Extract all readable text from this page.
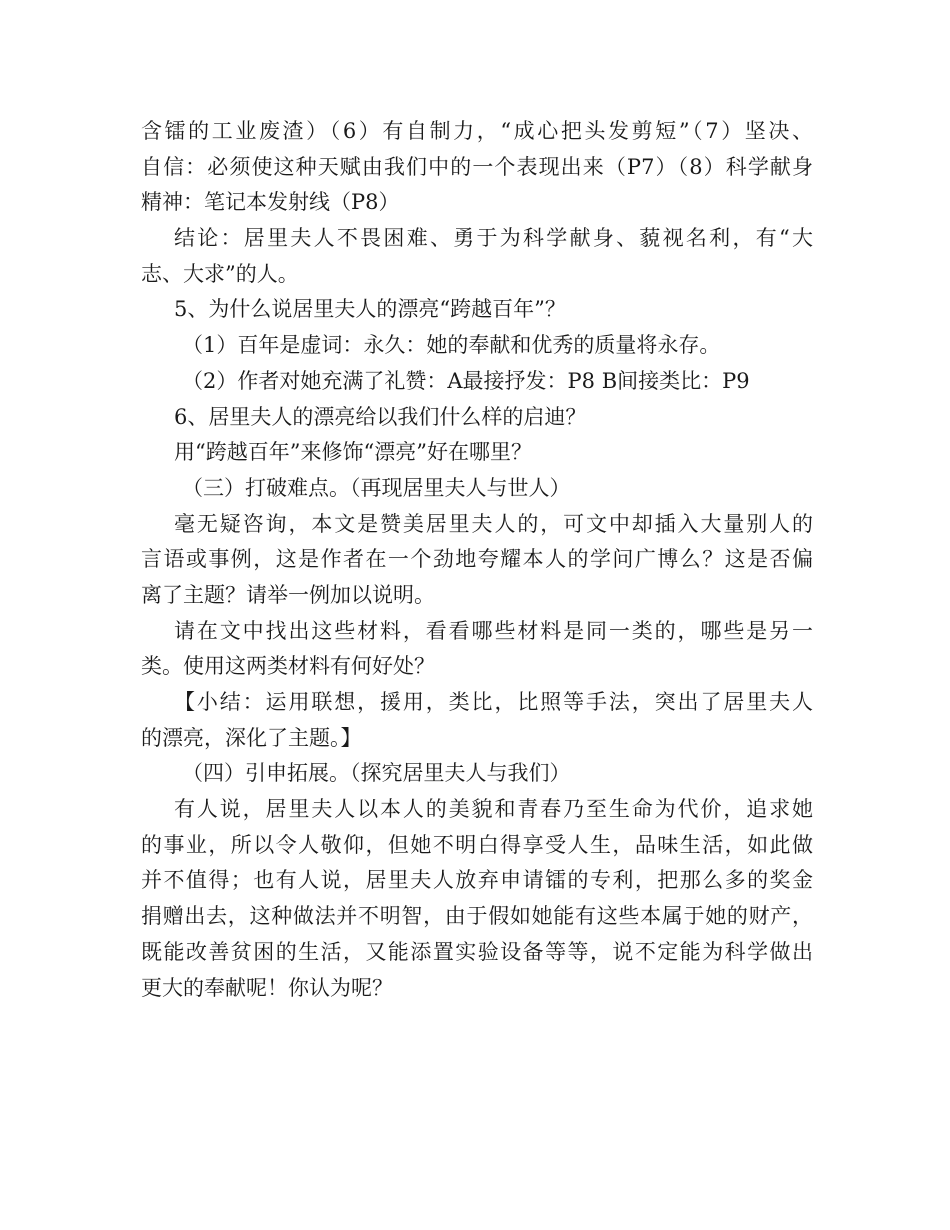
含镭的工业废渣）（6）有自制力，“成心把头发剪短”（7）坚决、
自信：必须使这种天赋由我们中的一个表现出来（P7）（8）科学献身
精神：笔记本发射线（P8）
结论：居里夫人不畏困难、勇于为科学献身、藐视名利，有“大
志、大求”的人。
5、为什么说居里夫人的漂亮“跨越百年”？
（1）百年是虚词：永久：她的奉献和优秀的质量将永存。
（2）作者对她充满了礼赞：A最接抒发：P8 B间接类比：P9
6、居里夫人的漂亮给以我们什么样的启迪？
用“跨越百年”来修饰“漂亮”好在哪里？
（三）打破难点。（再现居里夫人与世人）
毫无疑咨询，本文是赞美居里夫人的，可文中却插入大量别人的
言语或事例，这是作者在一个劲地夸耀本人的学问广博么？这是否偏
离了主题？请举一例加以说明。
请在文中找出这些材料，看看哪些材料是同一类的，哪些是另一
类。使用这两类材料有何好处？
【小结：运用联想，援用，类比，比照等手法，突出了居里夫人
的漂亮，深化了主题。】
（四）引申拓展。（探究居里夫人与我们）
有人说，居里夫人以本人的美貌和青春乃至生命为代价，追求她
的事业，所以令人敬仰，但她不明白得享受人生，品味生活，如此做
并不值得；也有人说，居里夫人放弃申请镭的专利，把那么多的奖金
捐赠出去，这种做法并不明智，由于假如她能有这些本属于她的财产，
既能改善贫困的生活，又能添置实验设备等等，说不定能为科学做出
更大的奉献呢！你认为呢？
